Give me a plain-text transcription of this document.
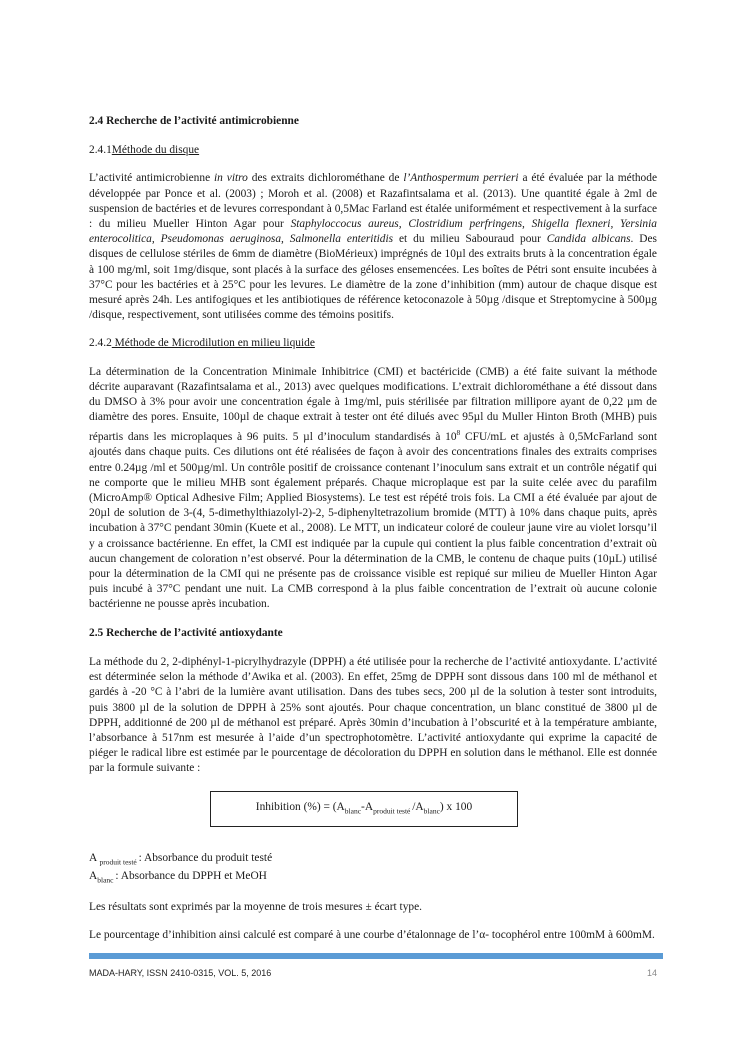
2.4 Recherche de l’activité antimicrobienne
2.4.1Méthode du disque

L’activité antimicrobienne in vitro des extraits dichlorométhane de l’Anthospermum perrieri a été évaluée par la méthode développée par Ponce et al. (2003) ; Moroh et al. (2008) et Razafintsalama et al. (2013). Une quantité égale à 2ml de suspension de bactéries et de levures correspondant à 0,5Mac Farland est étalée uniformément et respectivement à la surface : du milieu Mueller Hinton Agar pour Staphyloccocus aureus, Clostridium perfringens, Shigella flexneri, Yersinia enterocolitica, Pseudomonas aeruginosa, Salmonella enteritidis et du milieu Sabouraud pour Candida albicans. Des disques de cellulose stériles de 6mm de diamètre (BioMérieux) imprégnés de 10µl des extraits bruts à la concentration égale à 100 mg/ml, soit 1mg/disque, sont placés à la surface des géloses ensemencées. Les boîtes de Pétri sont ensuite incubées à 37°C pour les bactéries et à 25°C pour les levures. Le diamètre de la zone d’inhibition (mm) autour de chaque disque est mesuré après 24h. Les antifogiques et les antibiotiques de référence ketoconazole à 50µg /disque et Streptomycine à 500µg /disque, respectivement, sont utilisées comme des témoins positifs.

2.4.2 Méthode de Microdilution en milieu liquide

La détermination de la Concentration Minimale Inhibitrice (CMI) et bactéricide (CMB) a été faite suivant la méthode décrite auparavant (Razafintsalama et al., 2013) avec quelques modifications. L’extrait dichlorométhane a été dissout dans du DMSO à 3% pour avoir une concentration égale à 1mg/ml, puis stérilisée par filtration millipore ayant de 0,22 µm de diamètre des pores. Ensuite, 100µl de chaque extrait à tester ont été dilués avec 95µl du Muller Hinton Broth (MHB) puis répartis dans les microplaques à 96 puits. 5 µl d’inoculum standardisés à $10^8$ CFU/mL et ajustés à 0,5McFarland sont ajoutés dans chaque puits. Ces dilutions ont été réalisées de façon à avoir des concentrations finales des extraits comprises entre 0.24µg /ml et 500µg/ml. Un contrôle positif de croissance contenant l’inoculum sans extrait et un contrôle négatif qui ne comporte que le milieu MHB sont également préparés. Chaque microplaque est par la suite celée avec du parafilm (MicroAmp® Optical Adhesive Film; Applied Biosystems). Le test est répété trois fois. La CMI a été évaluée par ajout de 20µl de solution de 3-(4, 5-dimethylthiazolyl-2)-2, 5-diphenyltetrazolium bromide (MTT) à 10% dans chaque puits, après incubation à 37°C pendant 30min (Kuete et al., 2008). Le MTT, un indicateur coloré de couleur jaune vire au violet lorsqu’il y a croissance bactérienne. En effet, la CMI est indiquée par la cupule qui contient la plus faible concentration d’extrait où aucun changement de coloration n’est observé. Pour la détermination de la CMB, le contenu de chaque puits (10µL) utilisé pour la détermination de la CMI qui ne présente pas de croissance visible est repiqué sur milieu de Mueller Hinton Agar puis incubé à 37°C pendant une nuit. La CMB correspond à la plus faible concentration de l’extrait où aucune colonie bactérienne ne pousse après incubation.

2.5 Recherche de l’activité antioxydante

La méthode du 2, 2-diphényl-1-picrylhydrazyle (DPPH) a été utilisée pour la recherche de l’activité antioxydante. L’activité est déterminée selon la méthode d’Awika et al. (2003). En effet, 25mg de DPPH sont dissous dans 100 ml de méthanol et gardés à -20 °C à l’abri de la lumière avant utilisation. Dans des tubes secs, 200 µl de la solution à tester sont introduits, puis 3800 µl de la solution de DPPH à 25% sont ajoutés. Pour chaque concentration, un blanc constitué de 3800 µl de DPPH, additionné de 200 µl de méthanol est préparé. Après 30min d’incubation à l’obscurité et à la température ambiante, l’absorbance à 517nm est mesurée à l’aide d’un spectrophotomètre. L’activité antioxydante qui exprime la capacité de piéger le radical libre est estimée par le pourcentage de décoloration du DPPH en solution dans le méthanol. Elle est donnée par la formule suivante :

Inhibition (%) = ($A_{blanc}-A_{produit testé}$ $/A_{blanc}$) x 100
A $_{produit testé}$ : Absorbance du produit testé
$A_{blanc}$ : Absorbance du DPPH et MeOH

Les résultats sont exprimés par la moyenne de trois mesures ± écart type.

Le pourcentage d’inhibition ainsi calculé est comparé à une courbe d’étalonnage de l’α- tocophérol entre 100mM à 600mM.

MADA-HARY, ISSN 2410-0315, VOL. 5, 2016	14
